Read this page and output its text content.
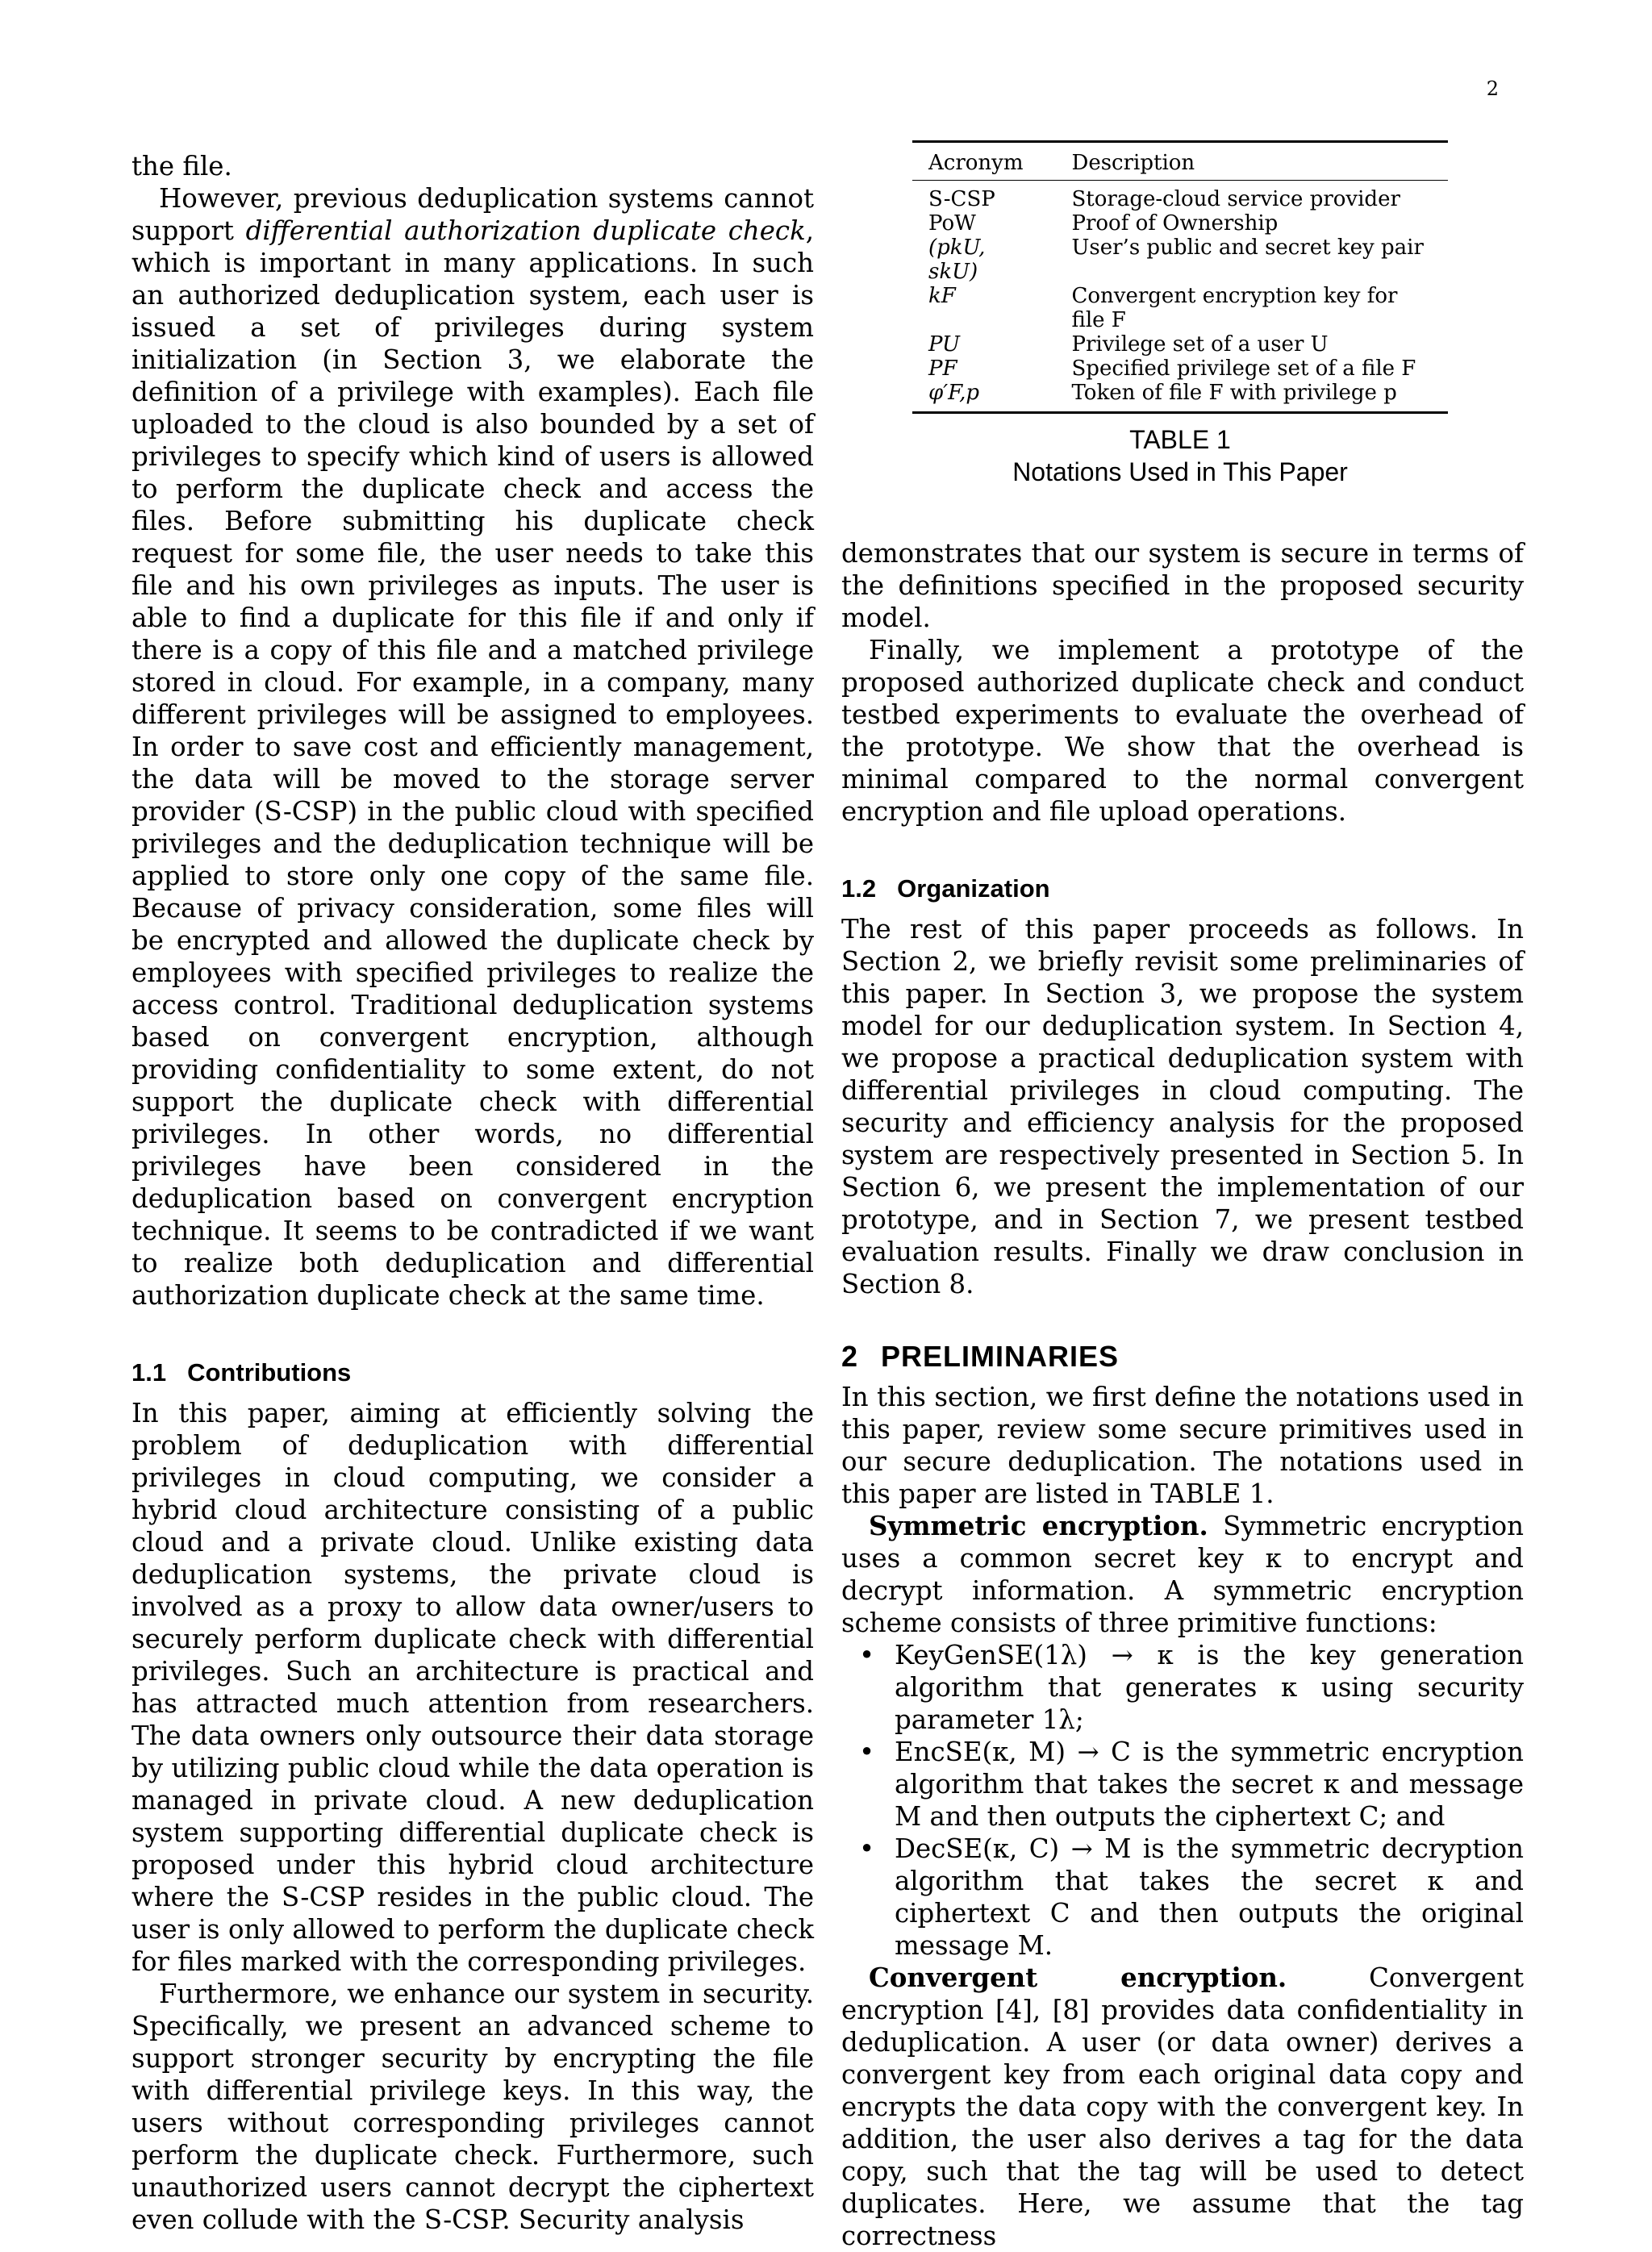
2

the file.

However, previous deduplication systems cannot support differential authorization duplicate check, which is important in many applications. In such an authorized deduplication system, each user is issued a set of privileges during system initialization (in Section 3, we elaborate the definition of a privilege with examples). Each file uploaded to the cloud is also bounded by a set of privileges to specify which kind of users is allowed to perform the duplicate check and access the files. Before submitting his duplicate check request for some file, the user needs to take this file and his own privileges as inputs. The user is able to find a duplicate for this file if and only if there is a copy of this file and a matched privilege stored in cloud. For example, in a company, many different privileges will be assigned to employees. In order to save cost and efficiently management, the data will be moved to the storage server provider (S-CSP) in the public cloud with specified privileges and the deduplication technique will be applied to store only one copy of the same file. Because of privacy consideration, some files will be encrypted and allowed the duplicate check by employees with specified privileges to realize the access control. Traditional deduplication systems based on convergent encryption, although providing confidentiality to some extent, do not support the duplicate check with differential privileges. In other words, no differential privileges have been considered in the deduplication based on convergent encryption technique. It seems to be contradicted if we want to realize both deduplication and differential authorization duplicate check at the same time.

1.1 Contributions

In this paper, aiming at efficiently solving the problem of deduplication with differential privileges in cloud computing, we consider a hybrid cloud architecture consisting of a public cloud and a private cloud. Unlike existing data deduplication systems, the private cloud is involved as a proxy to allow data owner/users to securely perform duplicate check with differential privileges. Such an architecture is practical and has attracted much attention from researchers. The data owners only outsource their data storage by utilizing public cloud while the data operation is managed in private cloud. A new deduplication system supporting differential duplicate check is proposed under this hybrid cloud architecture where the S-CSP resides in the public cloud. The user is only allowed to perform the duplicate check for files marked with the corresponding privileges.

Furthermore, we enhance our system in security. Specifically, we present an advanced scheme to support stronger security by encrypting the file with differential privilege keys. In this way, the users without corresponding privileges cannot perform the duplicate check. Furthermore, such unauthorized users cannot decrypt the ciphertext even collude with the S-CSP. Security analysis

Acronym	Description
S-CSP	Storage-cloud service provider
PoW	Proof of Ownership
(pkU, skU)	User’s public and secret key pair
kF	Convergent encryption key for file F
PU	Privilege set of a user U
PF	Specified privilege set of a file F
φ′F,p	Token of file F with privilege p
TABLE 1
Notations Used in This Paper

demonstrates that our system is secure in terms of the definitions specified in the proposed security model.

Finally, we implement a prototype of the proposed authorized duplicate check and conduct testbed experiments to evaluate the overhead of the prototype. We show that the overhead is minimal compared to the normal convergent encryption and file upload operations.

1.2 Organization

The rest of this paper proceeds as follows. In Section 2, we briefly revisit some preliminaries of this paper. In Section 3, we propose the system model for our deduplication system. In Section 4, we propose a practical deduplication system with differential privileges in cloud computing. The security and efficiency analysis for the proposed system are respectively presented in Section 5. In Section 6, we present the implementation of our prototype, and in Section 7, we present testbed evaluation results. Finally we draw conclusion in Section 8.

2 PRELIMINARIES

In this section, we first define the notations used in this paper, review some secure primitives used in our secure deduplication. The notations used in this paper are listed in TABLE 1.

Symmetric encryption. Symmetric encryption uses a common secret key κ to encrypt and decrypt information. A symmetric encryption scheme consists of three primitive functions:

• KeyGenSE(1λ) → κ is the key generation algorithm that generates κ using security parameter 1λ;
• EncSE(κ, M) → C is the symmetric encryption algorithm that takes the secret κ and message M and then outputs the ciphertext C; and
• DecSE(κ, C) → M is the symmetric decryption algorithm that takes the secret κ and ciphertext C and then outputs the original message M.

Convergent encryption. Convergent encryption [4], [8] provides data confidentiality in deduplication. A user (or data owner) derives a convergent key from each original data copy and encrypts the data copy with the convergent key. In addition, the user also derives a tag for the data copy, such that the tag will be used to detect duplicates. Here, we assume that the tag correctness
